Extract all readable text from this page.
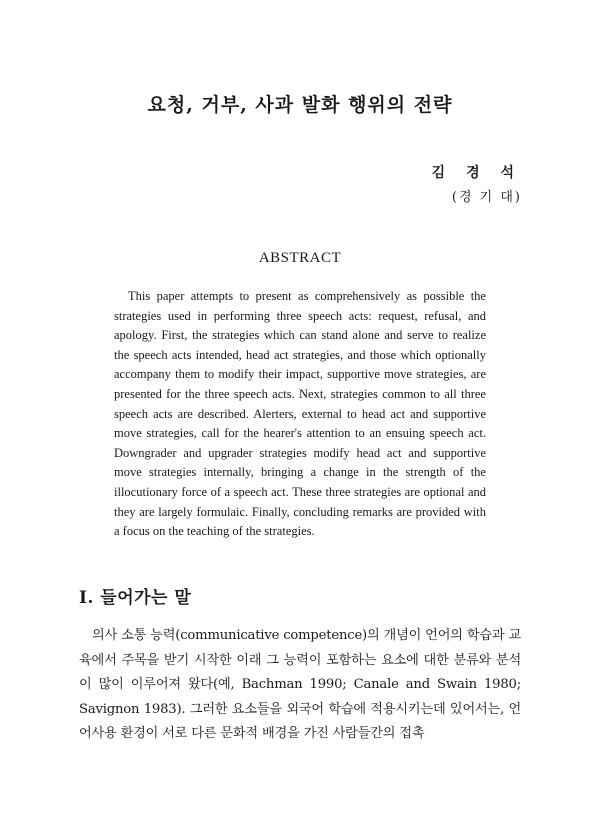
요청, 거부, 사과 발화 행위의 전략
김 경 석
(경 기 대)
ABSTRACT

This paper attempts to present as comprehensively as possible the strategies used in performing three speech acts: request, refusal, and apology. First, the strategies which can stand alone and serve to realize the speech acts intended, head act strategies, and those which optionally accompany them to modify their impact, supportive move strategies, are presented for the three speech acts. Next, strategies common to all three speech acts are described. Alerters, external to head act and supportive move strategies, call for the hearer's attention to an ensuing speech act. Downgrader and upgrader strategies modify head act and supportive move strategies internally, bringing a change in the strength of the illocutionary force of a speech act. These three strategies are optional and they are largely formulaic. Finally, concluding remarks are provided with a focus on the teaching of the strategies.

I. 들어가는 말

의사 소통 능력(communicative competence)의 개념이 언어의 학습과 교육에서 주목을 받기 시작한 이래 그 능력이 포함하는 요소에 대한 분류와 분석이 많이 이루어져 왔다(예, Bachman 1990; Canale and Swain 1980; Savignon 1983). 그러한 요소들을 외국어 학습에 적용시키는데 있어서는, 언어사용 환경이 서로 다른 문화적 배경을 가진 사람들간의 접촉
